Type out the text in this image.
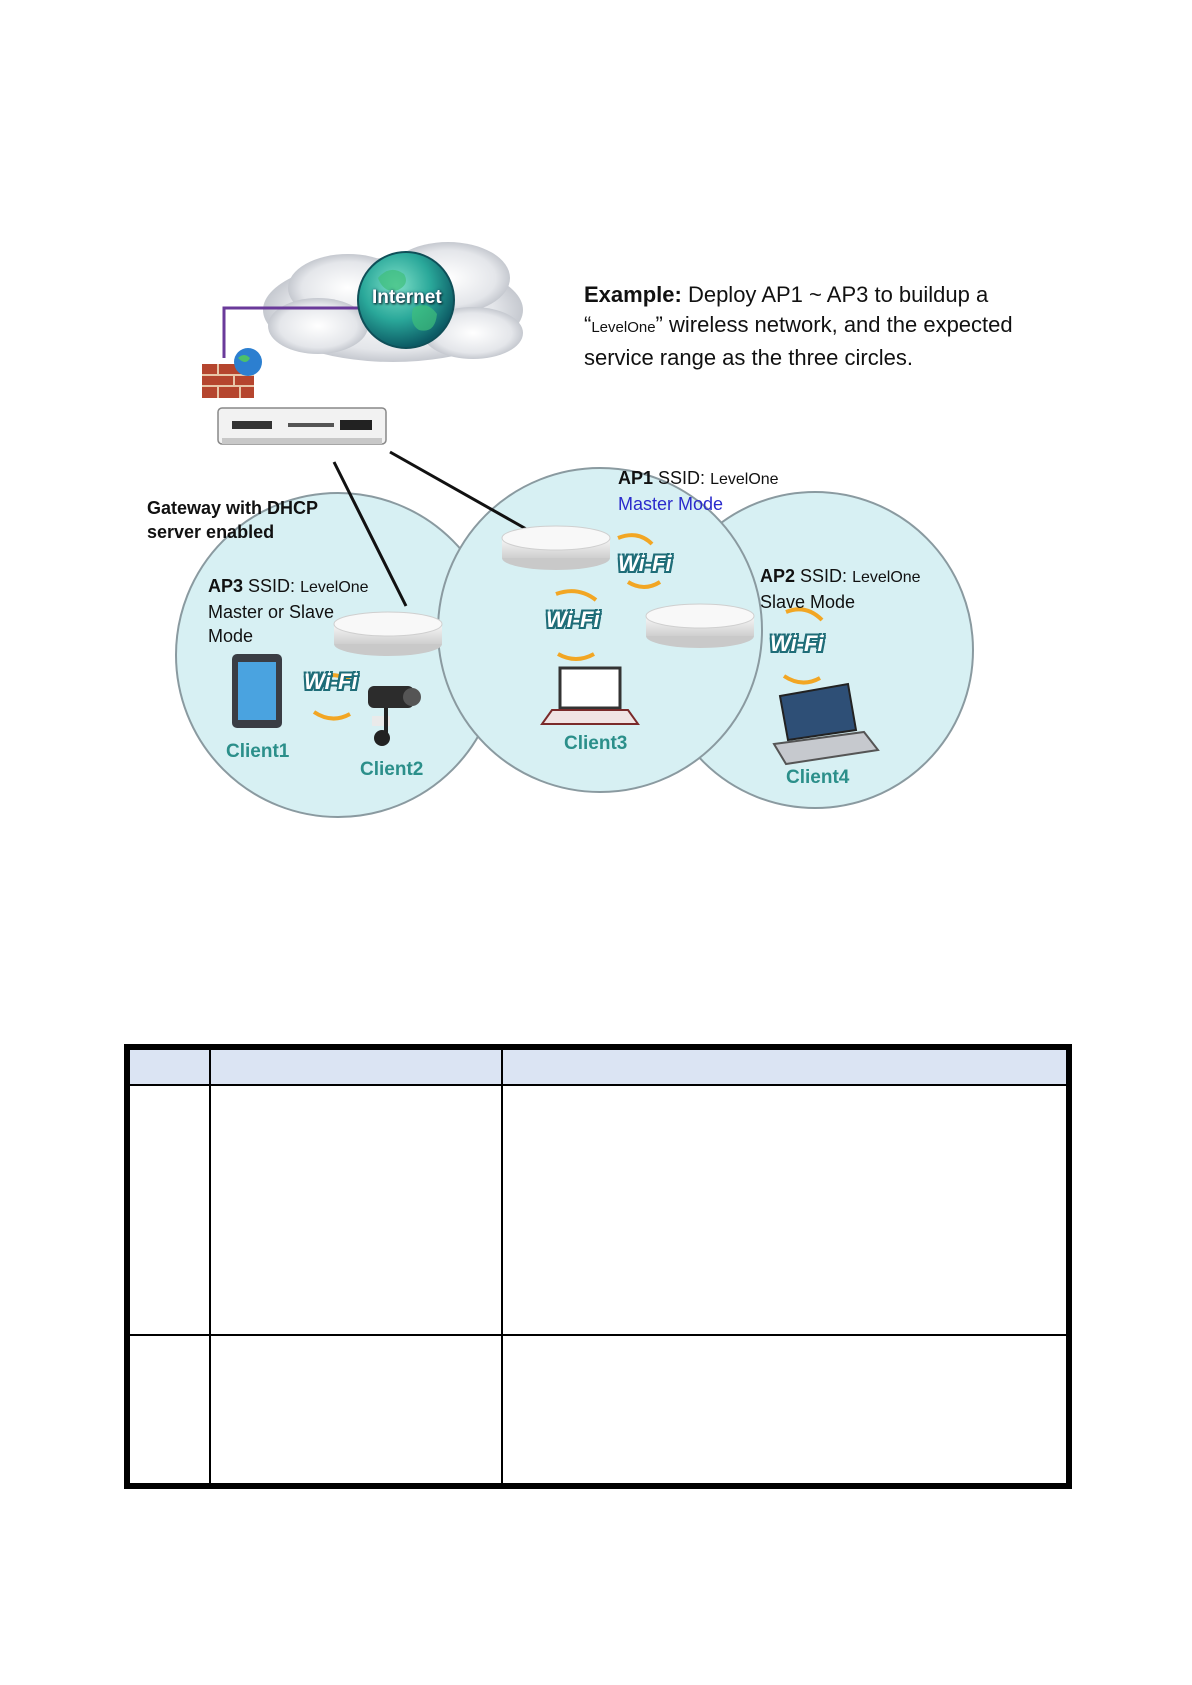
Example: Deploy AP1 ~ AP3 to buildup a
“LevelOne” wireless network, and the expected
service range as the three circles.
Internet
Gateway with DHCP
server enabled
AP1 SSID: LevelOne
Master Mode
AP2 SSID: LevelOne
Slave Mode
AP3 SSID: LevelOne
Master or Slave
Mode
Wi-Fi
Wi-Fi
Wi-Fi
Wi-Fi
Client1
Client2
Client3
Client4
